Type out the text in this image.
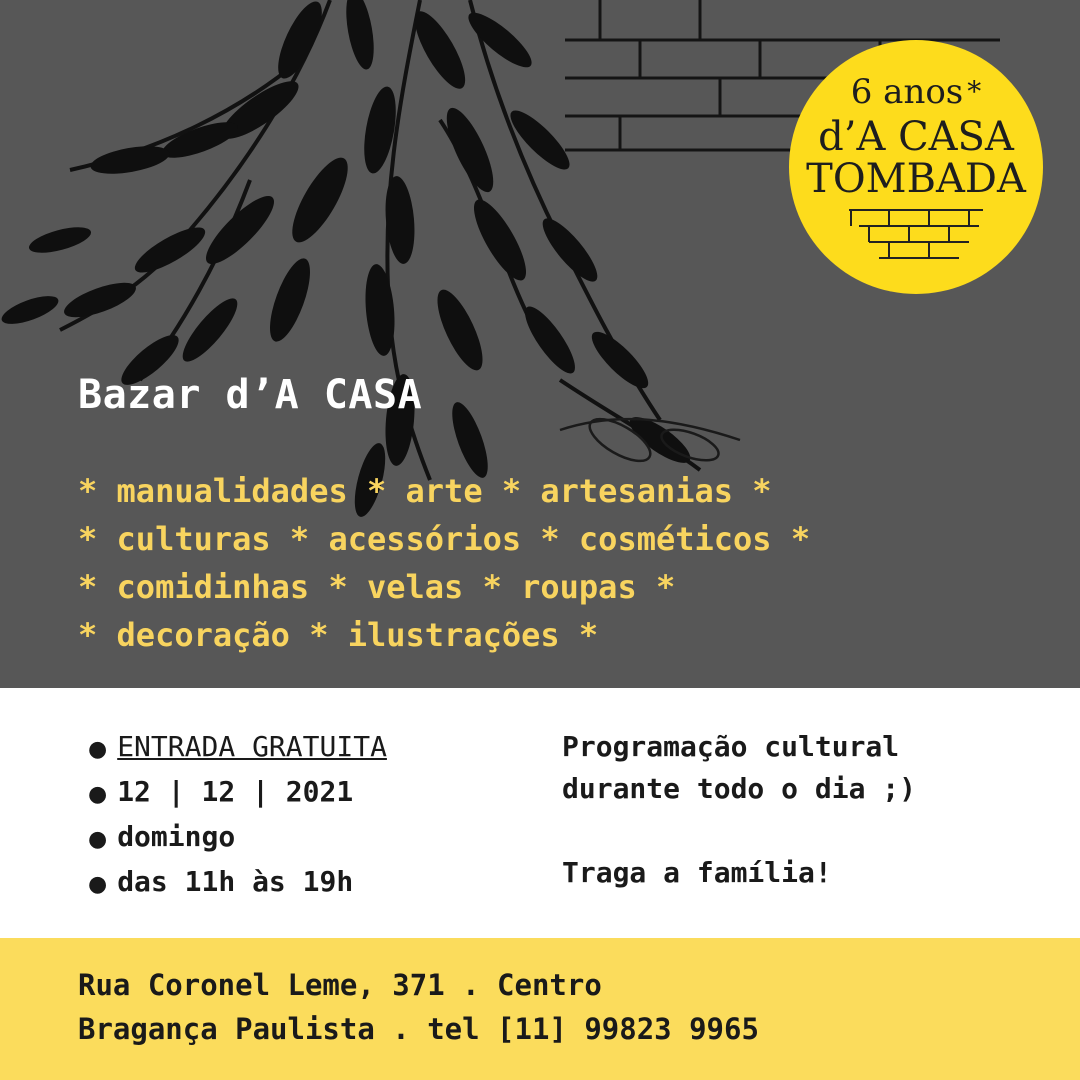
6 anos *
d’A CASA
TOMBADA
Bazar d’A CASA
* manualidades * arte * artesanias *
* culturas * acessórios * cosméticos *
* comidinhas * velas * roupas *
* decoração * ilustrações *
● ENTRADA GRATUITA
● 12 | 12 | 2021
● domingo
● das 11h às 19h
Programação cultural
durante todo o dia ;)
Traga a família!
Rua Coronel Leme, 371 . Centro
Bragança Paulista . tel [11] 99823 9965
